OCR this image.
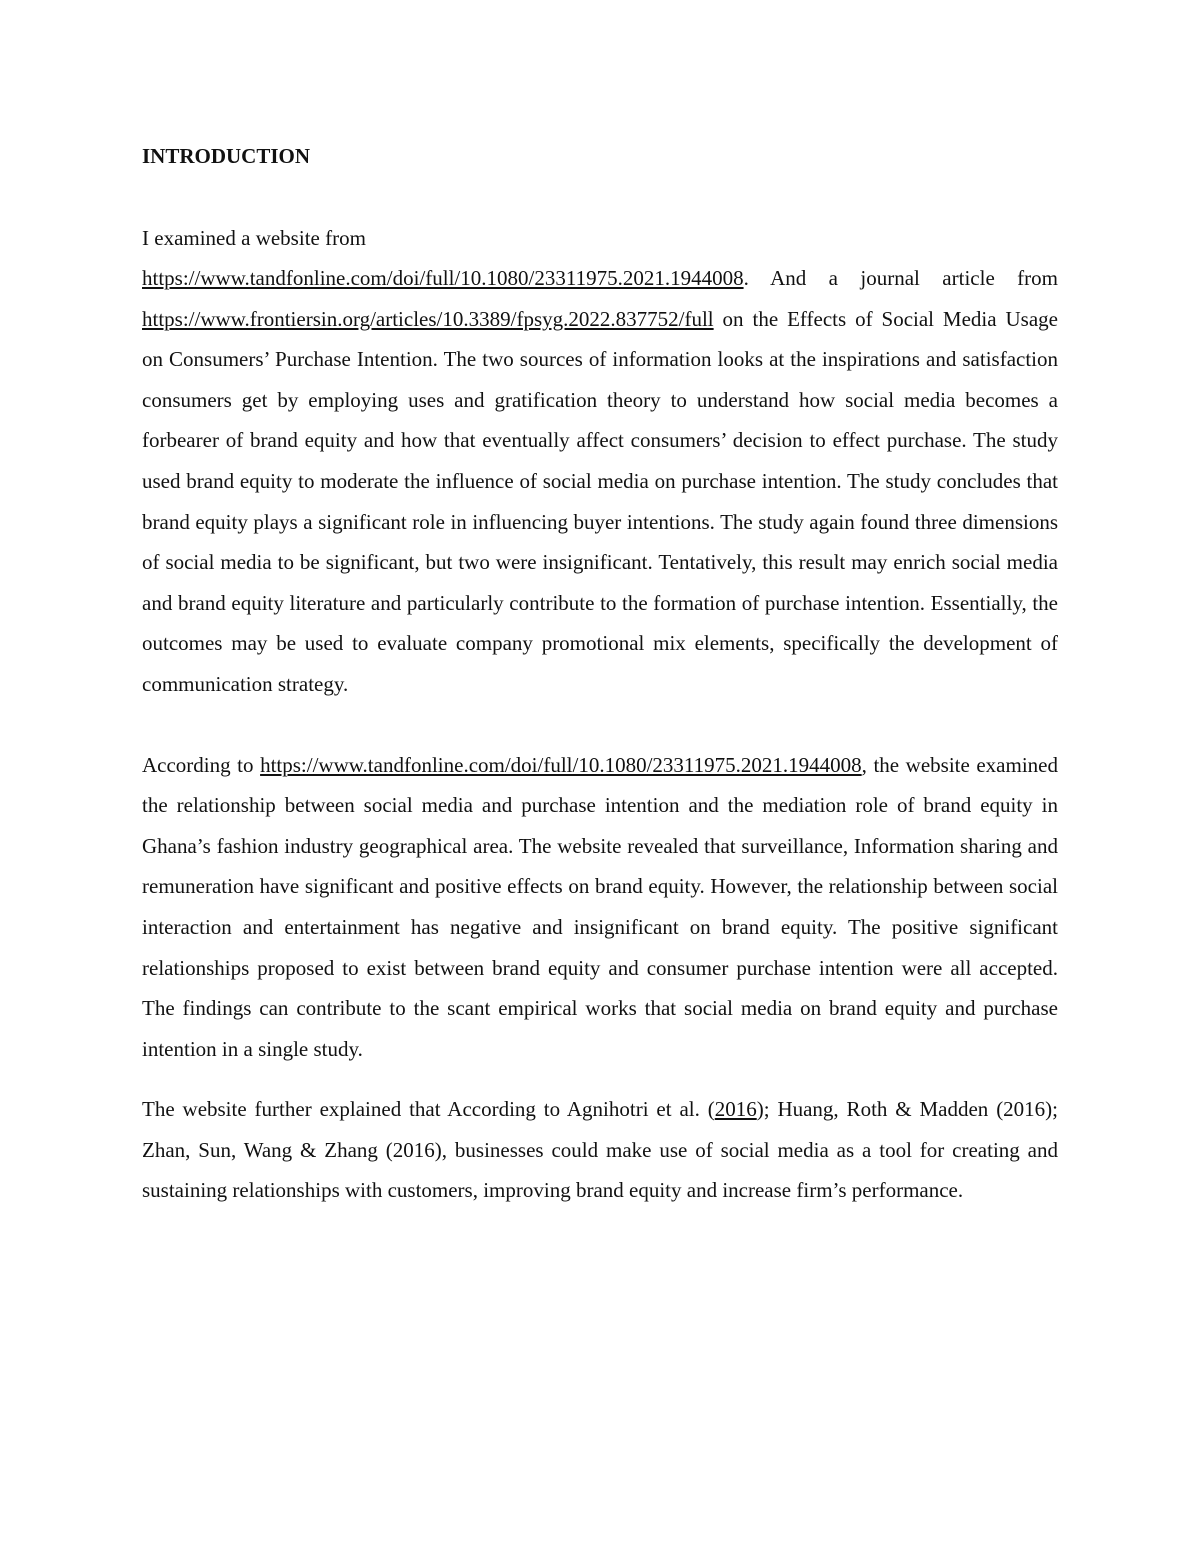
INTRODUCTION
I examined a website from

https://www.tandfonline.com/doi/full/10.1080/23311975.2021.1944008. And a journal article from https://www.frontiersin.org/articles/10.3389/fpsyg.2022.837752/full on the Effects of Social Media Usage on Consumers’ Purchase Intention. The two sources of information looks at the inspirations and satisfaction consumers get by employing uses and gratification theory to understand how social media becomes a forbearer of brand equity and how that eventually affect consumers’ decision to effect purchase. The study used brand equity to moderate the influence of social media on purchase intention. The study concludes that brand equity plays a significant role in influencing buyer intentions. The study again found three dimensions of social media to be significant, but two were insignificant. Tentatively, this result may enrich social media and brand equity literature and particularly contribute to the formation of purchase intention. Essentially, the outcomes may be used to evaluate company promotional mix elements, specifically the development of communication strategy.

According to https://www.tandfonline.com/doi/full/10.1080/23311975.2021.1944008, the website examined the relationship between social media and purchase intention and the mediation role of brand equity in Ghana’s fashion industry geographical area. The website revealed that surveillance, Information sharing and remuneration have significant and positive effects on brand equity. However, the relationship between social interaction and entertainment has negative and insignificant on brand equity. The positive significant relationships proposed to exist between brand equity and consumer purchase intention were all accepted. The findings can contribute to the scant empirical works that social media on brand equity and purchase intention in a single study.

The website further explained that According to Agnihotri et al. (2016); Huang, Roth & Madden (2016); Zhan, Sun, Wang & Zhang (2016), businesses could make use of social media as a tool for creating and sustaining relationships with customers, improving brand equity and increase firm’s performance.
